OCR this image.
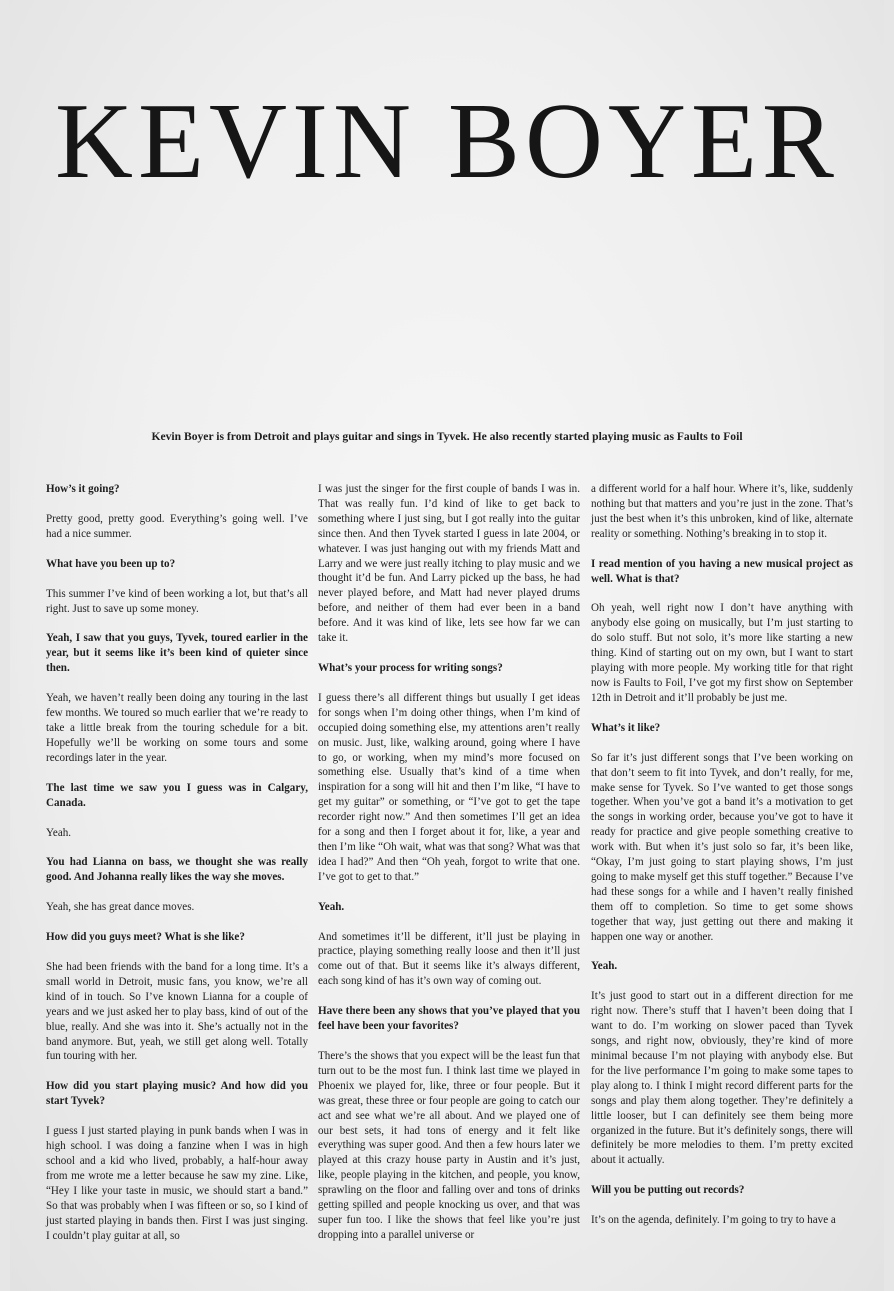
KEVIN BOYER
Kevin Boyer is from Detroit and plays guitar and sings in Tyvek. He also recently started playing music as Faults to Foil

How’s it going?

Pretty good, pretty good. Everything’s going well. I’ve had a nice summer.

What have you been up to?

This summer I’ve kind of been working a lot, but that’s all right. Just to save up some money.

Yeah, I saw that you guys, Tyvek, toured earlier in the year, but it seems like it’s been kind of quieter since then.

Yeah, we haven’t really been doing any touring in the last few months. We toured so much earlier that we’re ready to take a little break from the touring schedule for a bit. Hopefully we’ll be working on some tours and some recordings later in the year.

The last time we saw you I guess was in Calgary, Canada.

Yeah.

You had Lianna on bass, we thought she was really good. And Johanna really likes the way she moves.

Yeah, she has great dance moves.

How did you guys meet? What is she like?

She had been friends with the band for a long time. It’s a small world in Detroit, music fans, you know, we’re all kind of in touch. So I’ve known Lianna for a couple of years and we just asked her to play bass, kind of out of the blue, really. And she was into it. She’s actually not in the band anymore. But, yeah, we still get along well. Totally fun touring with her.

How did you start playing music? And how did you start Tyvek?

I guess I just started playing in punk bands when I was in high school. I was doing a fanzine when I was in high school and a kid who lived, probably, a half-hour away from me wrote me a letter because he saw my zine. Like, “Hey I like your taste in music, we should start a band.” So that was probably when I was fifteen or so, so I kind of just started playing in bands then. First I was just singing. I couldn’t play guitar at all, so

I was just the singer for the first couple of bands I was in. That was really fun. I’d kind of like to get back to something where I just sing, but I got really into the guitar since then. And then Tyvek started I guess in late 2004, or whatever. I was just hanging out with my friends Matt and Larry and we were just really itching to play music and we thought it’d be fun. And Larry picked up the bass, he had never played before, and Matt had never played drums before, and neither of them had ever been in a band before. And it was kind of like, lets see how far we can take it.

What’s your process for writing songs?

I guess there’s all different things but usually I get ideas for songs when I’m doing other things, when I’m kind of occupied doing something else, my attentions aren’t really on music. Just, like, walking around, going where I have to go, or working, when my mind’s more focused on something else. Usually that’s kind of a time when inspiration for a song will hit and then I’m like, “I have to get my guitar” or something, or “I’ve got to get the tape recorder right now.” And then sometimes I’ll get an idea for a song and then I forget about it for, like, a year and then I’m like “Oh wait, what was that song? What was that idea I had?” And then “Oh yeah, forgot to write that one. I’ve got to get to that.”

Yeah.

And sometimes it’ll be different, it’ll just be playing in practice, playing something really loose and then it’ll just come out of that. But it seems like it’s always different, each song kind of has it’s own way of coming out.

Have there been any shows that you’ve played that you feel have been your favorites?

There’s the shows that you expect will be the least fun that turn out to be the most fun. I think last time we played in Phoenix we played for, like, three or four people. But it was great, these three or four people are going to catch our act and see what we’re all about. And we played one of our best sets, it had tons of energy and it felt like everything was super good. And then a few hours later we played at this crazy house party in Austin and it’s just, like, people playing in the kitchen, and people, you know, sprawling on the floor and falling over and tons of drinks getting spilled and people knocking us over, and that was super fun too. I like the shows that feel like you’re just dropping into a parallel universe or

a different world for a half hour. Where it’s, like, suddenly nothing but that matters and you’re just in the zone. That’s just the best when it’s this unbroken, kind of like, alternate reality or something. Nothing’s breaking in to stop it.

I read mention of you having a new musical project as well. What is that?

Oh yeah, well right now I don’t have anything with anybody else going on musically, but I’m just starting to do solo stuff. But not solo, it’s more like starting a new thing. Kind of starting out on my own, but I want to start playing with more people. My working title for that right now is Faults to Foil, I’ve got my first show on September 12th in Detroit and it’ll probably be just me.

What’s it like?

So far it’s just different songs that I’ve been working on that don’t seem to fit into Tyvek, and don’t really, for me, make sense for Tyvek. So I’ve wanted to get those songs together. When you’ve got a band it’s a motivation to get the songs in working order, because you’ve got to have it ready for practice and give people something creative to work with. But when it’s just solo so far, it’s been like, “Okay, I’m just going to start playing shows, I’m just going to make myself get this stuff together.” Because I’ve had these songs for a while and I haven’t really finished them off to completion. So time to get some shows together that way, just getting out there and making it happen one way or another.

Yeah.

It’s just good to start out in a different direction for me right now. There’s stuff that I haven’t been doing that I want to do. I’m working on slower paced than Tyvek songs, and right now, obviously, they’re kind of more minimal because I’m not playing with anybody else. But for the live performance I’m going to make some tapes to play along to. I think I might record different parts for the songs and play them along together. They’re definitely a little looser, but I can definitely see them being more organized in the future. But it’s definitely songs, there will definitely be more melodies to them. I’m pretty excited about it actually.

Will you be putting out records?

It’s on the agenda, definitely. I’m going to try to have a
